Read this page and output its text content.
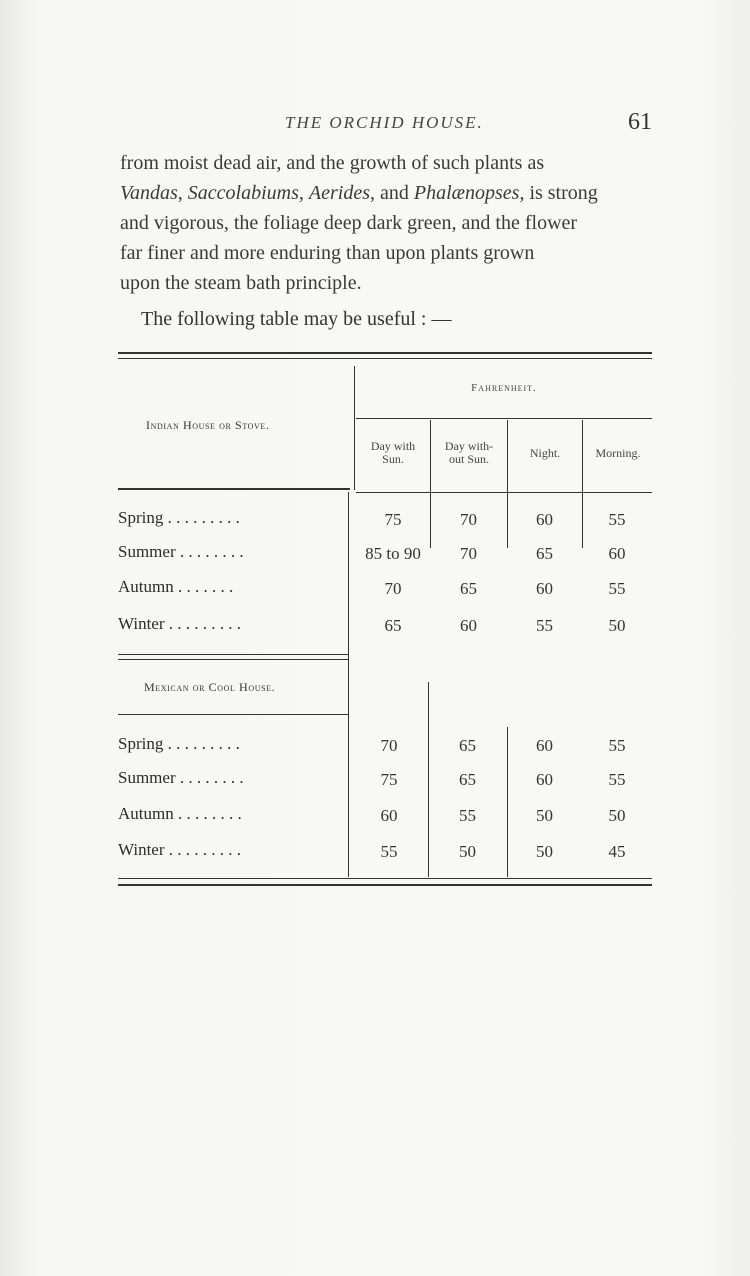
THE ORCHID HOUSE.	61
from moist dead air, and the growth of such plants as
Vandas, Saccolabiums, Aerides, and Phalænopses, is strong
and vigorous, the foliage deep dark green, and the flower
far finer and more enduring than upon plants grown
upon the steam bath principle.
The following table may be useful : —
Fahrenheit.
Indian House or Stove.
Day with
Sun.
Day with-
out Sun.	Night.	Morning.
Spring . . . . . . . . .	75	70	60	55
Summer . . . . . . . .	85 to 90	70	65	60
Autumn . . . . . . .	70	65	60	55
Winter . . . . . . . . .	65	60	55	50
Mexican or Cool House.
Spring . . . . . . . . .	70	65	60	55
Summer . . . . . . . .	75	65	60	55
Autumn . . . . . . . .	60	55	50	50
Winter . . . . . . . . .	55	50	50	45
